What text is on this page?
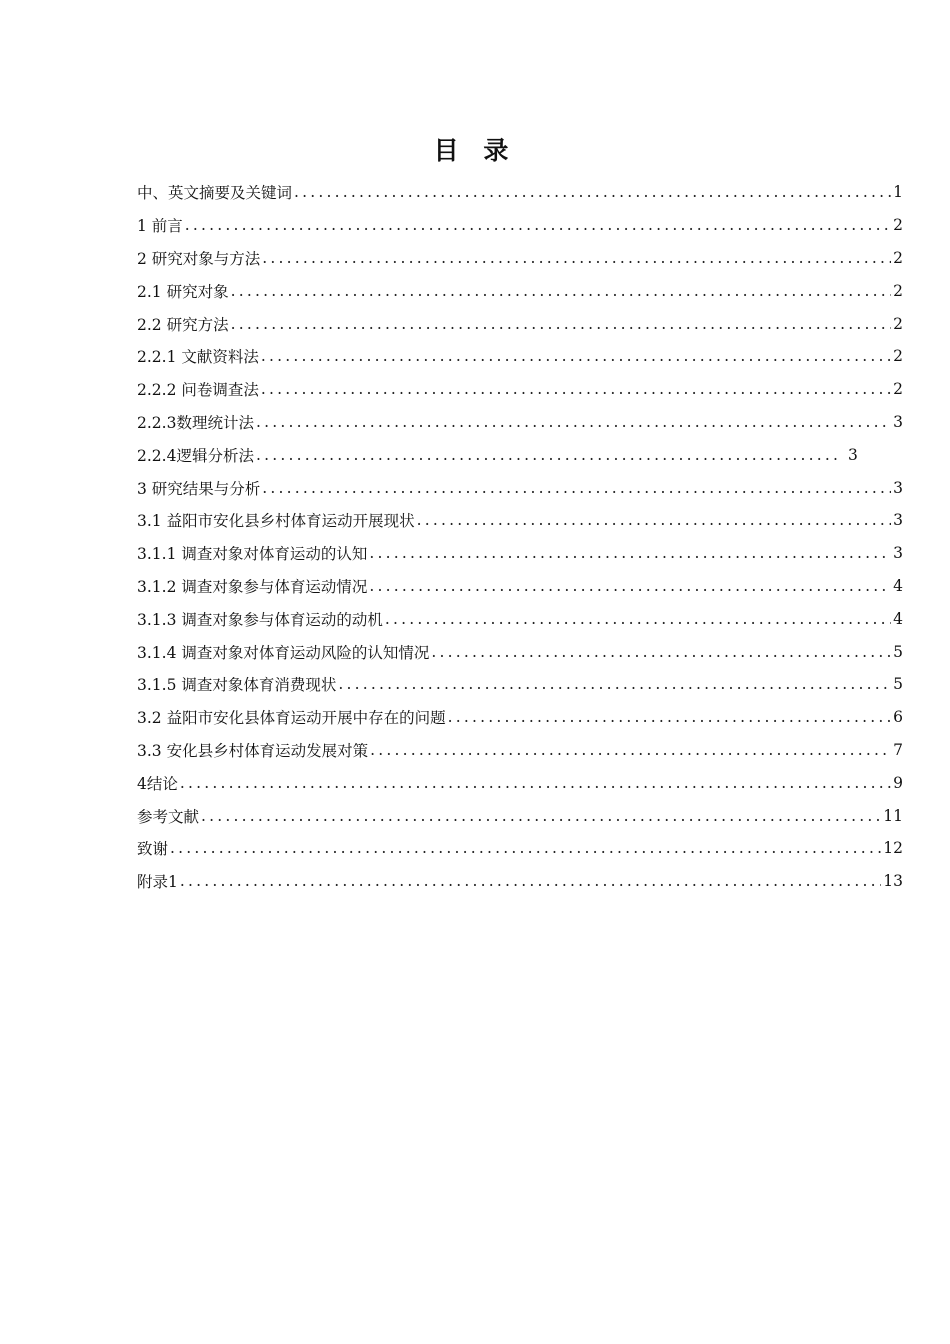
目 录
中、英文摘要及关键词 .....	1
1 前言 .....	2
2 研究对象与方法 .....	2
2.1 研究对象 .....	2
2.2 研究方法 .....	2
2.2.1 文献资料法 .....	2
2.2.2 问卷调查法 .....	2
2.2.3数理统计法 .....	3
2.2.4逻辑分析法 .....	3
3 研究结果与分析 .....	3
3.1 益阳市安化县乡村体育运动开展现状 .....	3
3.1.1 调查对象对体育运动的认知 .....	3
3.1.2 调查对象参与体育运动情况 .....	4
3.1.3 调查对象参与体育运动的动机 .....	4
3.1.4 调查对象对体育运动风险的认知情况 .....	5
3.1.5 调查对象体育消费现状 .....	5
3.2 益阳市安化县体育运动开展中存在的问题 .....	6
3.3 安化县乡村体育运动发展对策 .....	7
4结论 .....	9
参考文献 .....	11
致谢 .....	12
附录1 .....	13
